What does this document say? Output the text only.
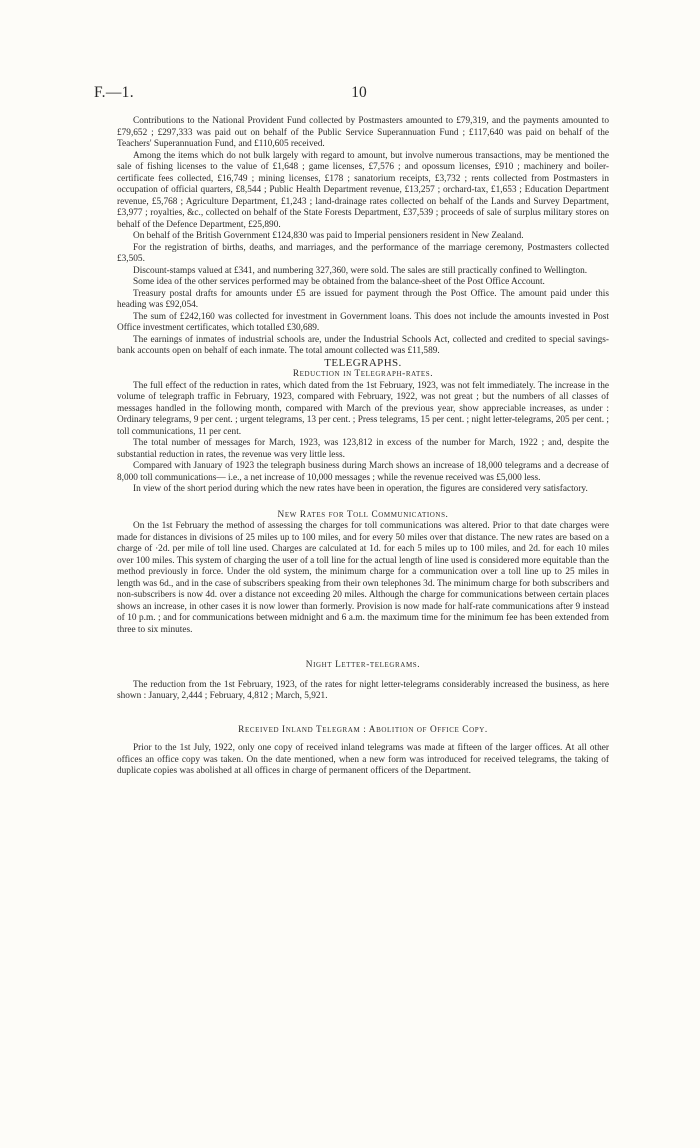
F.—1.	10

Contributions to the National Provident Fund collected by Postmasters amounted to £79,319, and the payments amounted to £79,652 ; £297,333 was paid out on behalf of the Public Service Superannuation Fund ; £117,640 was paid on behalf of the Teachers' Superannuation Fund, and £110,605 received.

Among the items which do not bulk largely with regard to amount, but involve numerous transactions, may be mentioned the sale of fishing licenses to the value of £1,648 ; game licenses, £7,576 ; and opossum licenses, £910 ; machinery and boiler-certificate fees collected, £16,749 ; mining licenses, £178 ; sanatorium receipts, £3,732 ; rents collected from Postmasters in occupation of official quarters, £8,544 ; Public Health Department revenue, £13,257 ; orchard-tax, £1,653 ; Education Department revenue, £5,768 ; Agriculture Department, £1,243 ; land-drainage rates collected on behalf of the Lands and Survey Department, £3,977 ; royalties, &c., collected on behalf of the State Forests Department, £37,539 ; proceeds of sale of surplus military stores on behalf of the Defence Department, £25,890.

On behalf of the British Government £124,830 was paid to Imperial pensioners resident in New Zealand.

For the registration of births, deaths, and marriages, and the performance of the marriage ceremony, Postmasters collected £3,505.

Discount-stamps valued at £341, and numbering 327,360, were sold. The sales are still practically confined to Wellington.

Some idea of the other services performed may be obtained from the balance-sheet of the Post Office Account.

Treasury postal drafts for amounts under £5 are issued for payment through the Post Office. The amount paid under this heading was £92,054.

The sum of £242,160 was collected for investment in Government loans. This does not include the amounts invested in Post Office investment certificates, which totalled £30,689.

The earnings of inmates of industrial schools are, under the Industrial Schools Act, collected and credited to special savings-bank accounts open on behalf of each inmate. The total amount collected was £11,589.

TELEGRAPHS.

Reduction in Telegraph-rates.

The full effect of the reduction in rates, which dated from the 1st February, 1923, was not felt immediately. The increase in the volume of telegraph traffic in February, 1923, compared with February, 1922, was not great ; but the numbers of all classes of messages handled in the following month, compared with March of the previous year, show appreciable increases, as under : Ordinary telegrams, 9 per cent. ; urgent telegrams, 13 per cent. ; Press telegrams, 15 per cent. ; night letter-telegrams, 205 per cent. ; toll communications, 11 per cent.

The total number of messages for March, 1923, was 123,812 in excess of the number for March, 1922 ; and, despite the substantial reduction in rates, the revenue was very little less.

Compared with January of 1923 the telegraph business during March shows an increase of 18,000 telegrams and a decrease of 8,000 toll communications— i.e., a net increase of 10,000 messages ; while the revenue received was £5,000 less.

In view of the short period during which the new rates have been in operation, the figures are considered very satisfactory.

New Rates for Toll Communications.

On the 1st February the method of assessing the charges for toll communications was altered. Prior to that date charges were made for distances in divisions of 25 miles up to 100 miles, and for every 50 miles over that distance. The new rates are based on a charge of ·2d. per mile of toll line used. Charges are calculated at 1d. for each 5 miles up to 100 miles, and 2d. for each 10 miles over 100 miles. This system of charging the user of a toll line for the actual length of line used is considered more equitable than the method previously in force. Under the old system, the minimum charge for a communication over a toll line up to 25 miles in length was 6d., and in the case of subscribers speaking from their own telephones 3d. The minimum charge for both subscribers and non-subscribers is now 4d. over a distance not exceeding 20 miles. Although the charge for communications between certain places shows an increase, in other cases it is now lower than formerly. Provision is now made for half-rate communications after 9 instead of 10 p.m. ; and for communications between midnight and 6 a.m. the maximum time for the minimum fee has been extended from three to six minutes.

Night Letter-telegrams.

The reduction from the 1st February, 1923, of the rates for night letter-telegrams considerably increased the business, as here shown : January, 2,444 ; February, 4,812 ; March, 5,921.

Received Inland Telegram : Abolition of Office Copy.

Prior to the 1st July, 1922, only one copy of received inland telegrams was made at fifteen of the larger offices. At all other offices an office copy was taken. On the date mentioned, when a new form was introduced for received telegrams, the taking of duplicate copies was abolished at all offices in charge of permanent officers of the Department.
